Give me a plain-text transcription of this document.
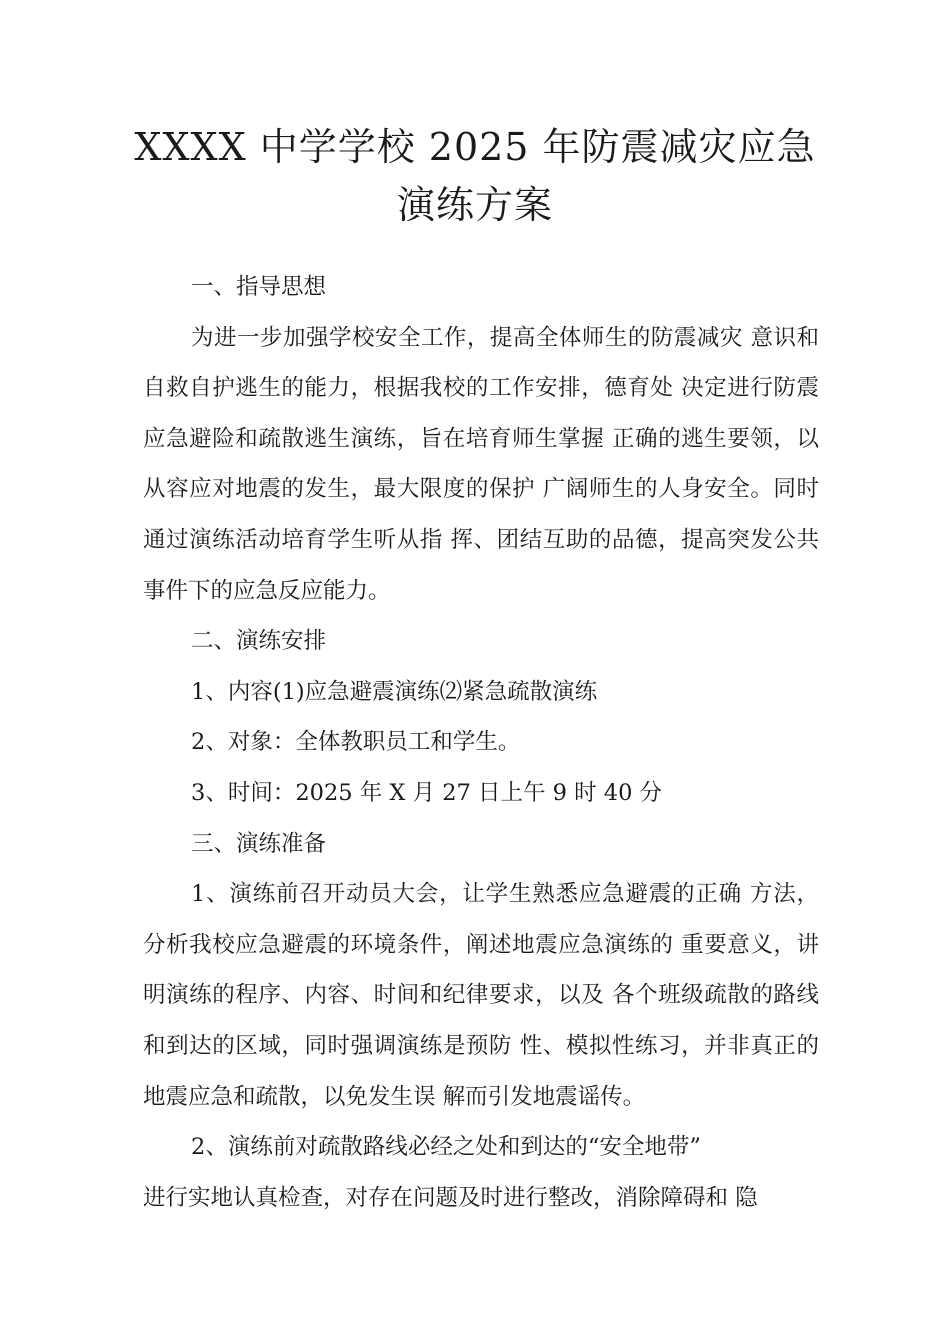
XXXX 中学学校 2025 年防震减灾应急演练方案

一、指导思想

为进一步加强学校安全工作，提高全体师生的防震减灾 意识和自救自护逃生的能力，根据我校的工作安排，德育处 决定进行防震应急避险和疏散逃生演练，旨在培育师生掌握 正确的逃生要领，以从容应对地震的发生，最大限度的保护 广阔师生的人身安全。同时通过演练活动培育学生听从指 挥、团结互助的品德，提高突发公共事件下的应急反应能力。

二、演练安排

1、内容(1)应急避震演练⑵紧急疏散演练

2、对象：全体教职员工和学生。

3、时间：2025 年 X 月 27 日上午 9 时 40 分

三、演练准备

1、演练前召开动员大会，让学生熟悉应急避震的正确 方法，分析我校应急避震的环境条件，阐述地震应急演练的 重要意义，讲明演练的程序、内容、时间和纪律要求，以及 各个班级疏散的路线和到达的区域，同时强调演练是预防 性、模拟性练习，并非真正的地震应急和疏散，以免发生误 解而引发地震谣传。

2、演练前对疏散路线必经之处和到达的“安全地带”

进行实地认真检查，对存在问题及时进行整改，消除障碍和 隐
